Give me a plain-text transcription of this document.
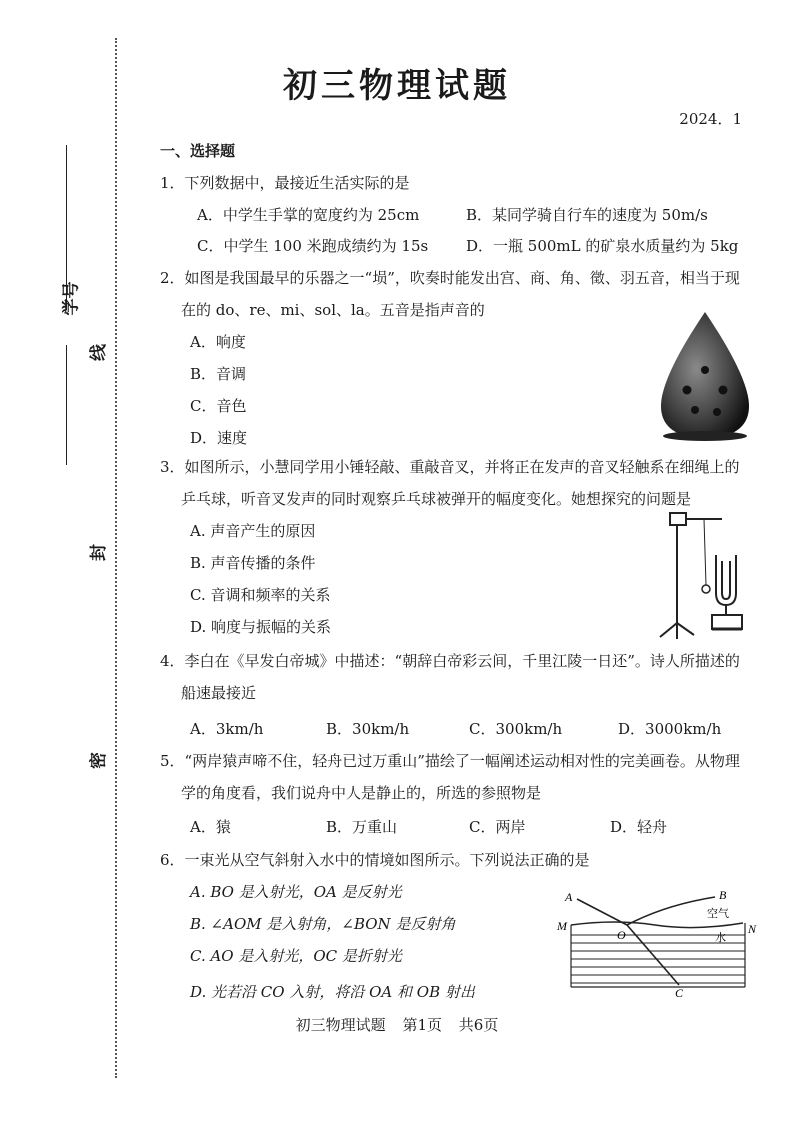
学号
线
封
密
初三物理试题
2024．1
一、选择题
1．下列数据中，最接近生活实际的是
A．中学生手掌的宽度约为 25cm	B．某同学骑自行车的速度为 50m/s
C．中学生 100 米跑成绩约为 15s	D．一瓶 500mL 的矿泉水质量约为 5kg
2．如图是我国最早的乐器之一“埙”，吹奏时能发出宫、商、角、徵、羽五音，相当于现
在的 do、re、mi、sol、la。五音是指声音的
A．响度
B．音调
C．音色
D．速度
3．如图所示，小慧同学用小锤轻敲、重敲音叉，并将正在发声的音叉轻触系在细绳上的
乒乓球，听音叉发声的同时观察乒乓球被弹开的幅度变化。她想探究的问题是
A. 声音产生的原因
B. 声音传播的条件
C. 音调和频率的关系
D. 响度与振幅的关系
4．李白在《早发白帝城》中描述：“朝辞白帝彩云间，千里江陵一日还”。诗人所描述的
船速最接近
A．3km/h	B．30km/h	C．300km/h	D．3000km/h
5．“两岸猿声啼不住，轻舟已过万重山”描绘了一幅阐述运动相对性的完美画卷。从物理
学的角度看，我们说舟中人是静止的，所选的参照物是
A．猿	B．万重山	C．两岸	D．轻舟
6．一束光从空气斜射入水中的情境如图所示。下列说法正确的是
A. BO 是入射光，OA 是反射光
B. ∠AOM 是入射角，∠BON 是反射角
C. AO 是入射光，OC 是折射光
D. 光若沿 CO 入射，将沿 OA 和 OB 射出
A	B
M	N
O
C
空气
水
初三物理试题 第1页 共6页
